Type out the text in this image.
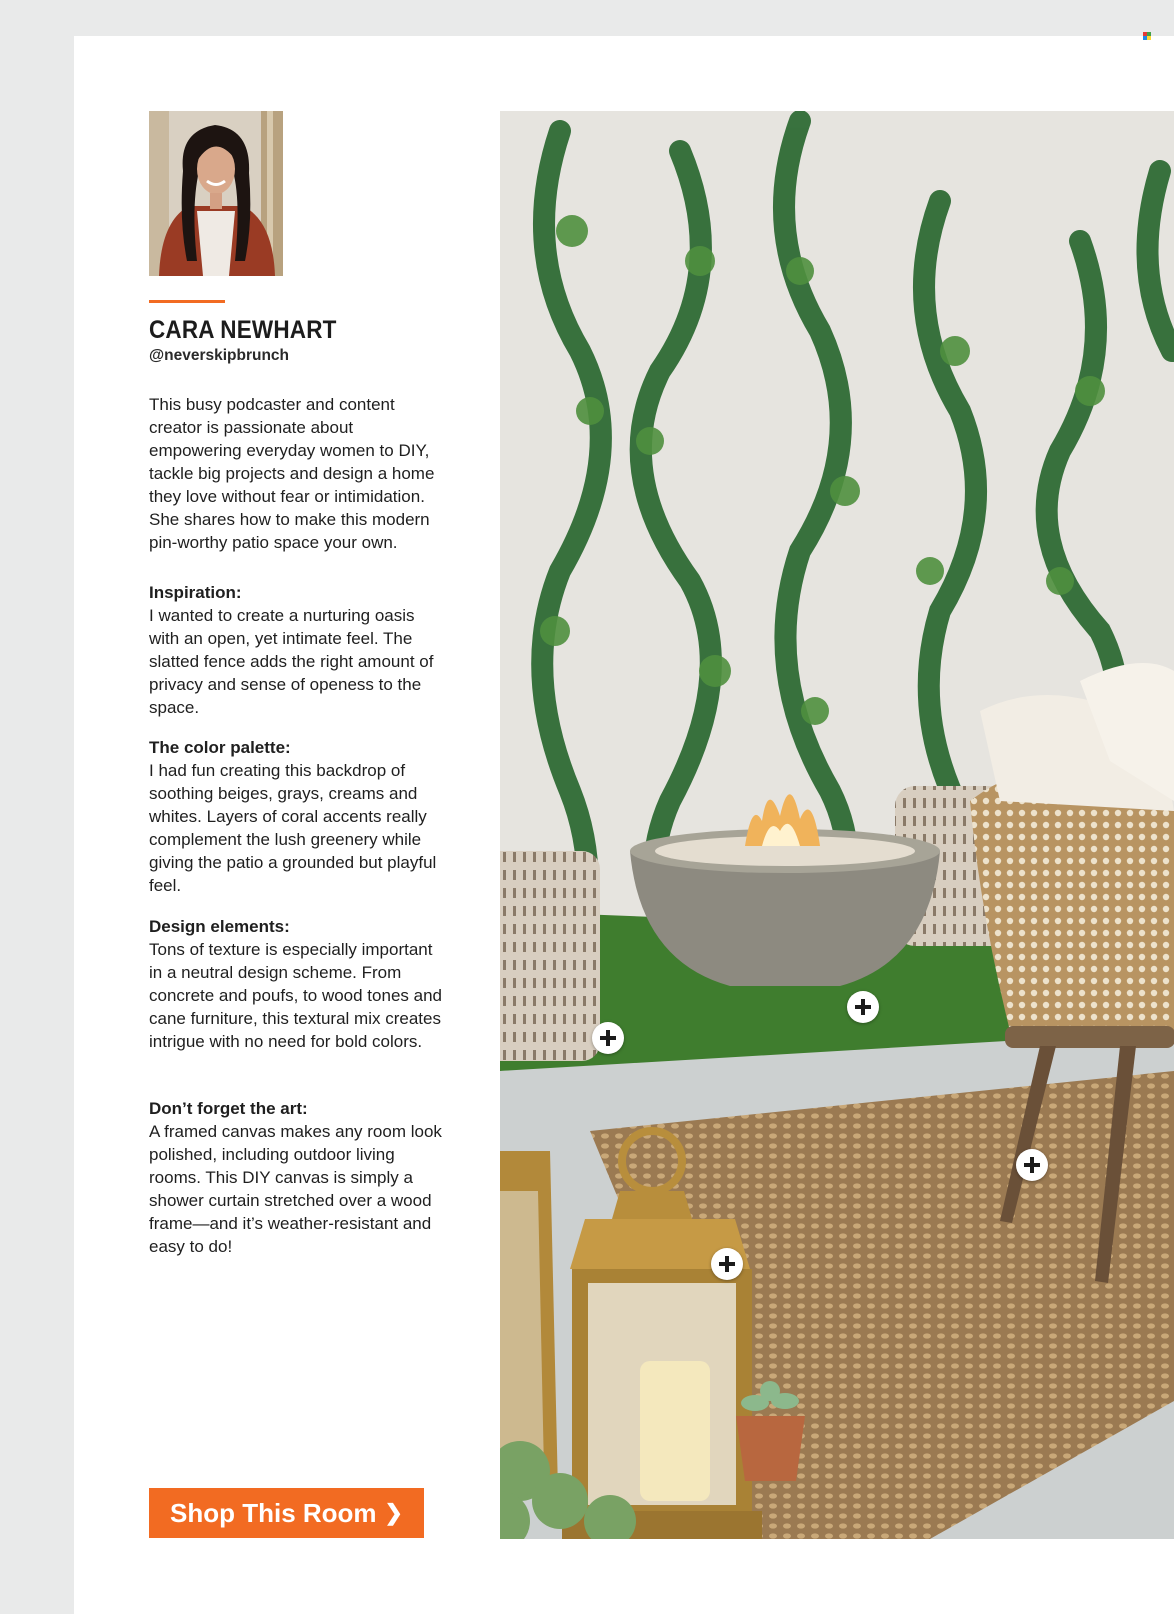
CARA NEWHART
@neverskipbrunch

This busy podcaster and content creator is passionate about empowering everyday women to DIY, tackle big projects and design a home they love without fear or intimidation. She shares how to make this modern pin-worthy patio space your own.

Inspiration:
I wanted to create a nurturing oasis with an open, yet intimate feel. The slatted fence adds the right amount of privacy and sense of openess to the space.
The color palette:
I had fun creating this backdrop of soothing beiges, grays, creams and whites. Layers of coral accents really complement the lush greenery while giving the patio a grounded but playful feel.
Design elements:
Tons of texture is especially important in a neutral design scheme. From concrete and poufs, to wood tones and cane furniture, this textural mix creates intrigue with no need for bold colors.
Don’t forget the art:
A framed canvas makes any room look polished, including outdoor living rooms. This DIY canvas is simply a shower curtain stretched over a wood frame—and it’s weather-resistant and easy to do!
Shop This Room ❯
